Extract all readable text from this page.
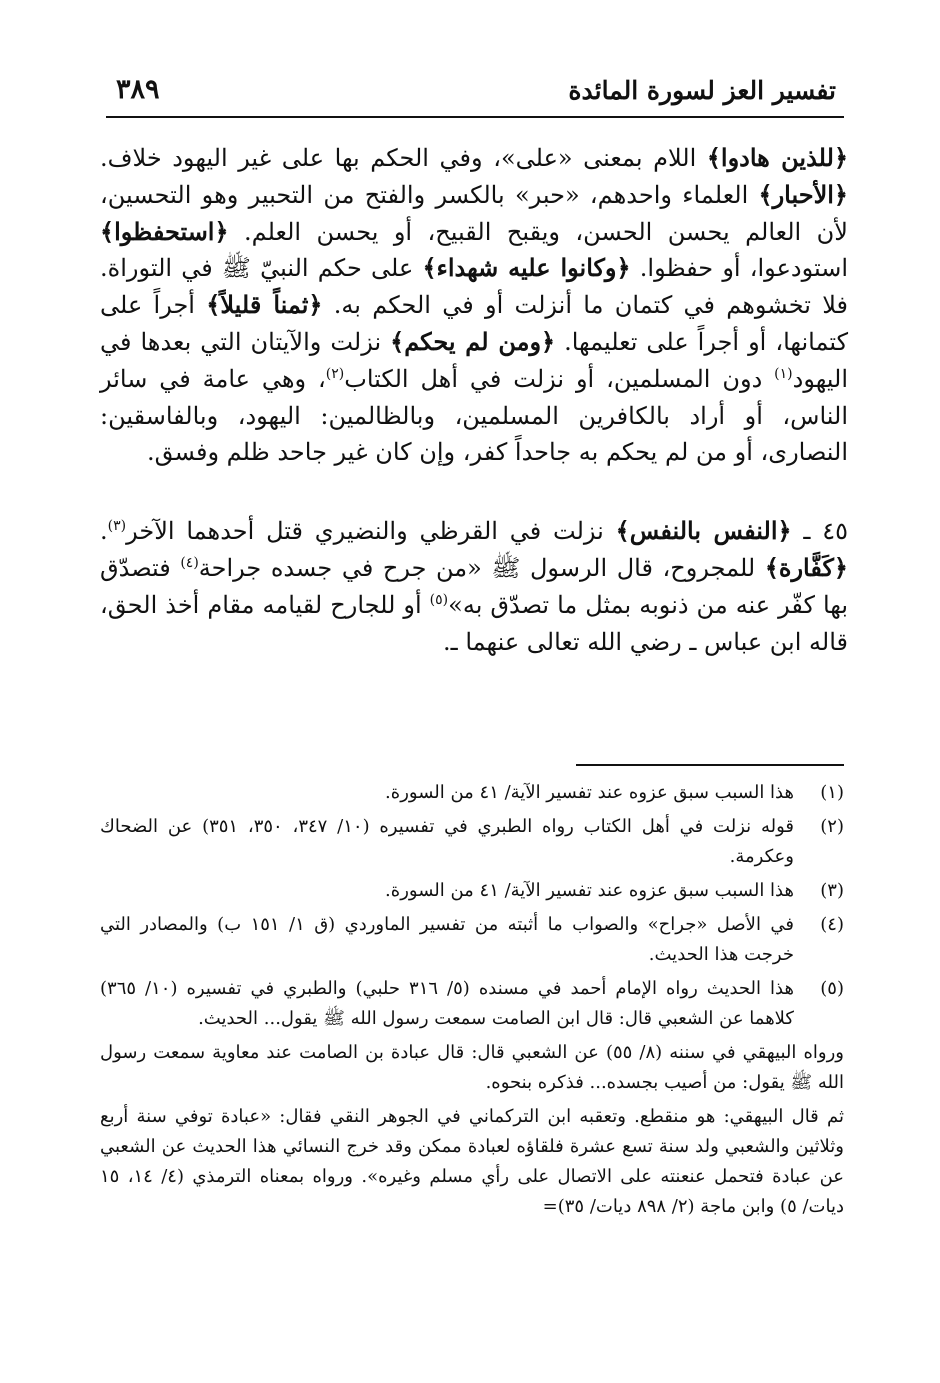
تفسير العز لسورة المائدة
٣٨٩

﴿للذين هادوا﴾ اللام بمعنى «على»، وفي الحكم بها على غير اليهود خلاف. ﴿الأحبار﴾ العلماء واحدهم، «حبر» بالكسر والفتح من التحبير وهو التحسين، لأن العالم يحسن الحسن، ويقبح القبيح، أو يحسن العلم. ﴿استحفظوا﴾ استودعوا، أو حفظوا. ﴿وكانوا عليه شهداء﴾ على حكم النبيّ ﷺ في التوراة. فلا تخشوهم في كتمان ما أنزلت أو في الحكم به. ﴿ثمناً قليلاً﴾ أجراً على كتمانها، أو أجراً على تعليمها. ﴿ومن لم يحكم﴾ نزلت والآيتان التي بعدها في اليهود$^{(١)}$ دون المسلمين، أو نزلت في أهل الكتاب$^{(٢)}$، وهي عامة في سائر الناس، أو أراد بالكافرين المسلمين، وبالظالمين: اليهود، وبالفاسقين: النصارى، أو من لم يحكم به جاحداً كفر، وإن كان غير جاحد ظلم وفسق.

٤٥ ـ ﴿النفس بالنفس﴾ نزلت في القرظي والنضيري قتل أحدهما الآخر$^{(٣)}$. ﴿كَفَّارة﴾ للمجروح، قال الرسول ﷺ «من جرح في جسده جراحة$^{(٤)}$ فتصدّق بها كفّر عنه من ذنوبه بمثل ما تصدّق به»$^{(٥)}$ أو للجارح لقيامه مقام أخذ الحق، قاله ابن عباس ـ رضي الله تعالى عنهما ـ.

(١)
هذا السبب سبق عزوه عند تفسير الآية/ ٤١ من السورة.
(٢)
قوله نزلت في أهل الكتاب رواه الطبري في تفسيره (١٠/ ٣٤٧، ٣٥٠، ٣٥١) عن الضحاك وعكرمة.
(٣)
هذا السبب سبق عزوه عند تفسير الآية/ ٤١ من السورة.
(٤)
في الأصل «جراح» والصواب ما أثبته من تفسير الماوردي (ق ١/ ١٥١ ب) والمصادر التي خرجت هذا الحديث.
(٥)
هذا الحديث رواه الإمام أحمد في مسنده (٥/ ٣١٦ حلبي) والطبري في تفسيره (١٠/ ٣٦٥) كلاهما عن الشعبي قال: قال ابن الصامت سمعت رسول الله ﷺ يقول... الحديث.
ورواه البيهقي في سننه (٨/ ٥٥) عن الشعبي قال: قال عبادة بن الصامت عند معاوية سمعت رسول الله ﷺ يقول: من أصيب بجسده... فذكره بنحوه.
ثم قال البيهقي: هو منقطع. وتعقبه ابن التركماني في الجوهر النقي فقال: «عبادة توفي سنة أربع وثلاثين والشعبي ولد سنة تسع عشرة فلقاؤه لعبادة ممكن وقد خرج النسائي هذا الحديث عن الشعبي عن عبادة فتحمل عنعنته على الاتصال على رأي مسلم وغيره». ورواه بمعناه الترمذي (٤/ ١٤، ١٥ ديات/ ٥) وابن ماجة (٢/ ٨٩٨ ديات/ ٣٥)=
